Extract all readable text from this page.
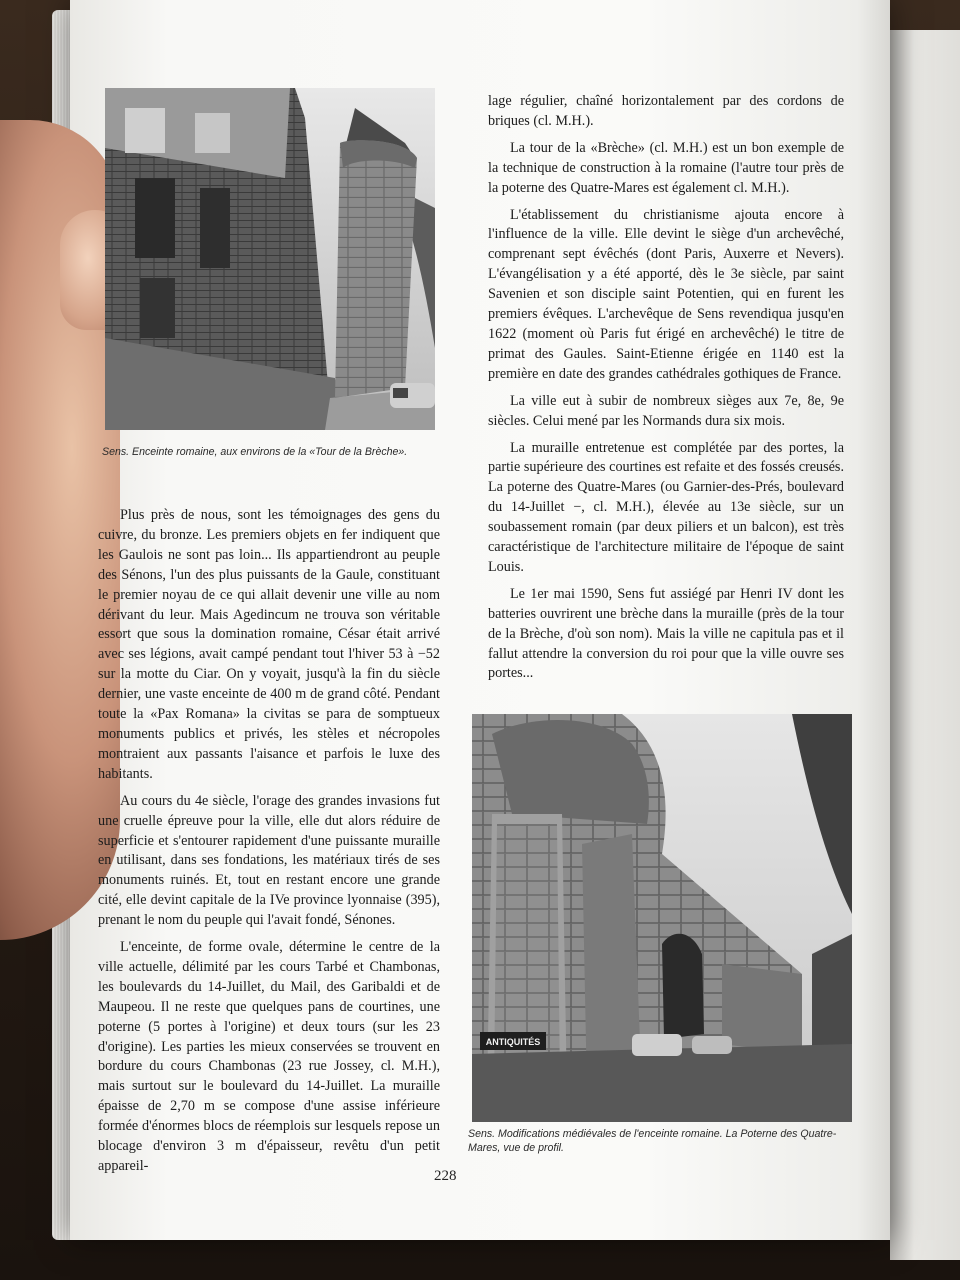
Sens. Enceinte romaine, aux environs de la «Tour de la Brèche».

Plus près de nous, sont les témoignages des gens du cuivre, du bronze. Les premiers objets en fer indiquent que les Gaulois ne sont pas loin... Ils appartiendront au peuple des Sénons, l'un des plus puissants de la Gaule, constituant le premier noyau de ce qui allait devenir une ville au nom dérivant du leur. Mais Agedincum ne trouva son véritable essort que sous la domination romaine, César était arrivé avec ses légions, avait campé pendant tout l'hiver 53 à −52 sur la motte du Ciar. On y voyait, jusqu'à la fin du siècle dernier, une vaste enceinte de 400 m de grand côté. Pendant toute la «Pax Romana» la civitas se para de somptueux monuments publics et privés, les stèles et nécropoles montraient aux passants l'aisance et parfois le luxe des habitants.

Au cours du 4e siècle, l'orage des grandes invasions fut une cruelle épreuve pour la ville, elle dut alors réduire de superficie et s'entourer rapidement d'une puissante muraille en utilisant, dans ses fondations, les matériaux tirés de ses monuments ruinés. Et, tout en restant encore une grande cité, elle devint capitale de la IVe province lyonnaise (395), prenant le nom du peuple qui l'avait fondé, Sénones.

L'enceinte, de forme ovale, détermine le centre de la ville actuelle, délimité par les cours Tarbé et Chambonas, les boulevards du 14-Juillet, du Mail, des Garibaldi et de Maupeou. Il ne reste que quelques pans de courtines, une poterne (5 portes à l'origine) et deux tours (sur les 23 d'origine). Les parties les mieux conservées se trouvent en bordure du cours Chambonas (23 rue Jossey, cl. M.H.), mais surtout sur le boulevard du 14-Juillet. La muraille épaisse de 2,70 m se compose d'une assise inférieure formée d'énormes blocs de réemplois sur lesquels repose un blocage d'environ 3 m d'épaisseur, revêtu d'un petit appareil-

lage régulier, chaîné horizontalement par des cordons de briques (cl. M.H.).

La tour de la «Brèche» (cl. M.H.) est un bon exemple de la technique de construction à la romaine (l'autre tour près de la poterne des Quatre-Mares est également cl. M.H.).

L'établissement du christianisme ajouta encore à l'influence de la ville. Elle devint le siège d'un archevêché, comprenant sept évêchés (dont Paris, Auxerre et Nevers). L'évangélisation y a été apporté, dès le 3e siècle, par saint Savenien et son disciple saint Potentien, qui en furent les premiers évêques. L'archevêque de Sens revendiqua jusqu'en 1622 (moment où Paris fut érigé en archevêché) le titre de primat des Gaules. Saint-Etienne érigée en 1140 est la première en date des grandes cathédrales gothiques de France.

La ville eut à subir de nombreux sièges aux 7e, 8e, 9e siècles. Celui mené par les Normands dura six mois.

La muraille entretenue est complétée par des portes, la partie supérieure des courtines est refaite et des fossés creusés. La poterne des Quatre-Mares (ou Garnier-des-Prés, boulevard du 14-Juillet −, cl. M.H.), élevée au 13e siècle, sur un soubassement romain (par deux piliers et un balcon), est très caractéristique de l'architecture militaire de l'époque de saint Louis.

Le 1er mai 1590, Sens fut assiégé par Henri IV dont les batteries ouvrirent une brèche dans la muraille (près de la tour de la Brèche, d'où son nom). Mais la ville ne capitula pas et il fallut attendre la conversion du roi pour que la ville ouvre ses portes...

ANTIQUITÉS
Sens. Modifications médiévales de l'enceinte romaine. La Poterne des Quatre-Mares, vue de profil.
228
